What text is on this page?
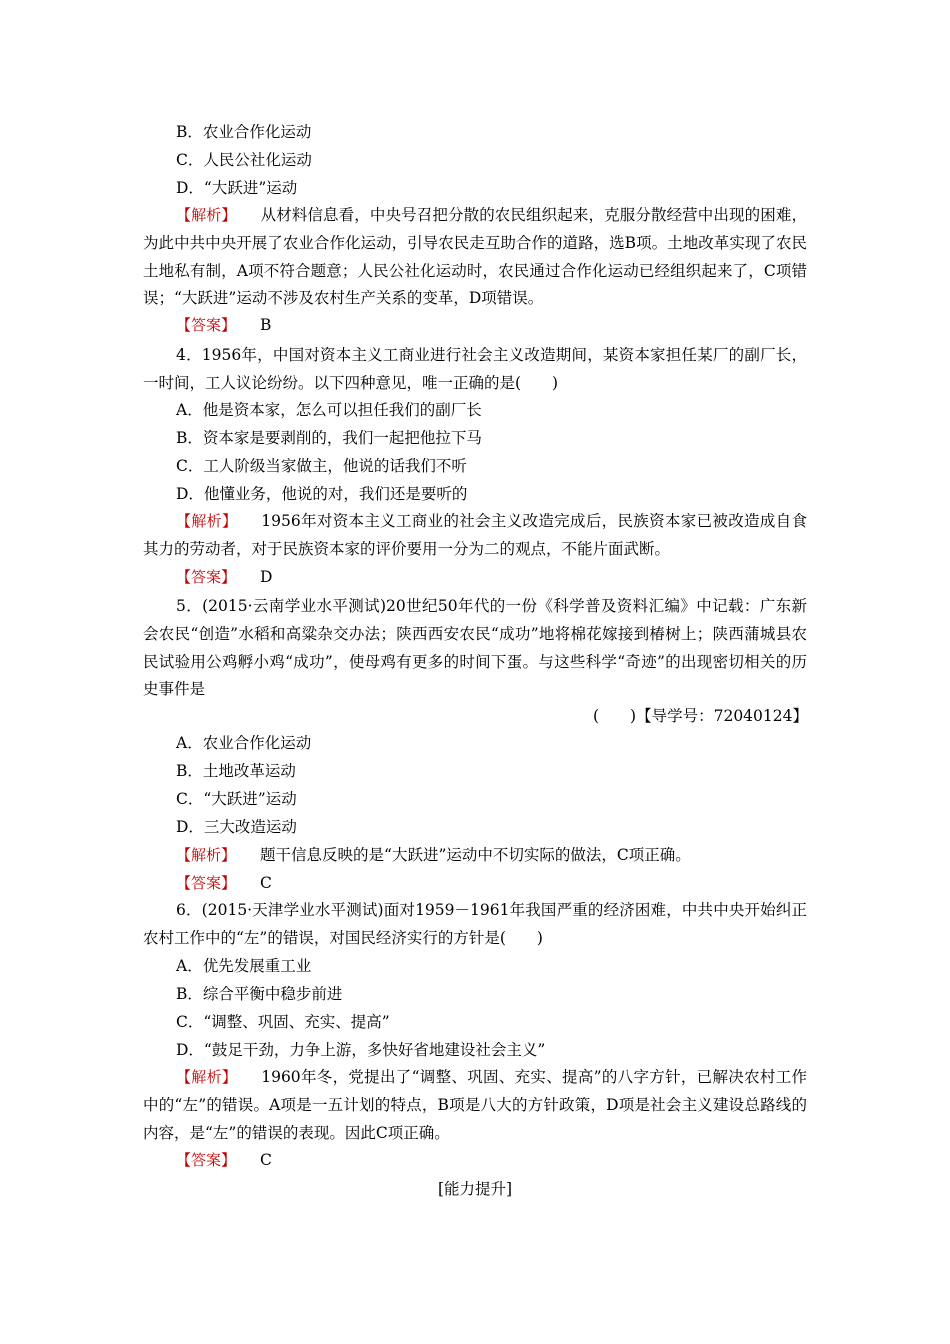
B．农业合作化运动
C．人民公社化运动
D．“大跃进”运动
【解析】 从材料信息看，中央号召把分散的农民组织起来，克服分散经营中出现的困难，为此中共中央开展了农业合作化运动，引导农民走互助合作的道路，选B项。土地改革实现了农民土地私有制，A项不符合题意；人民公社化运动时，农民通过合作化运动已经组织起来了，C项错误；“大跃进”运动不涉及农村生产关系的变革，D项错误。
【答案】 B
4．1956年，中国对资本主义工商业进行社会主义改造期间，某资本家担任某厂的副厂长，一时间，工人议论纷纷。以下四种意见，唯一正确的是(　　)
A．他是资本家，怎么可以担任我们的副厂长
B．资本家是要剥削的，我们一起把他拉下马
C．工人阶级当家做主，他说的话我们不听
D．他懂业务，他说的对，我们还是要听的
【解析】 1956年对资本主义工商业的社会主义改造完成后，民族资本家已被改造成自食其力的劳动者，对于民族资本家的评价要用一分为二的观点，不能片面武断。
【答案】 D
5．(2015·云南学业水平测试)20世纪50年代的一份《科学普及资料汇编》中记载：广东新会农民“创造”水稻和高粱杂交办法；陕西西安农民“成功”地将棉花嫁接到椿树上；陕西蒲城县农民试验用公鸡孵小鸡“成功”，使母鸡有更多的时间下蛋。与这些科学“奇迹”的出现密切相关的历史事件是
(　　)【导学号：72040124】
A．农业合作化运动
B．土地改革运动
C．“大跃进”运动
D．三大改造运动
【解析】 题干信息反映的是“大跃进”运动中不切实际的做法，C项正确。
【答案】 C
6．(2015·天津学业水平测试)面对1959－1961年我国严重的经济困难，中共中央开始纠正农村工作中的“左”的错误，对国民经济实行的方针是(　　)
A．优先发展重工业
B．综合平衡中稳步前进
C．“调整、巩固、充实、提高”
D．“鼓足干劲，力争上游，多快好省地建设社会主义”
【解析】 1960年冬，党提出了“调整、巩固、充实、提高”的八字方针，已解决农村工作中的“左”的错误。A项是一五计划的特点，B项是八大的方针政策，D项是社会主义建设总路线的内容，是“左”的错误的表现。因此C项正确。
【答案】 C
[能力提升]
